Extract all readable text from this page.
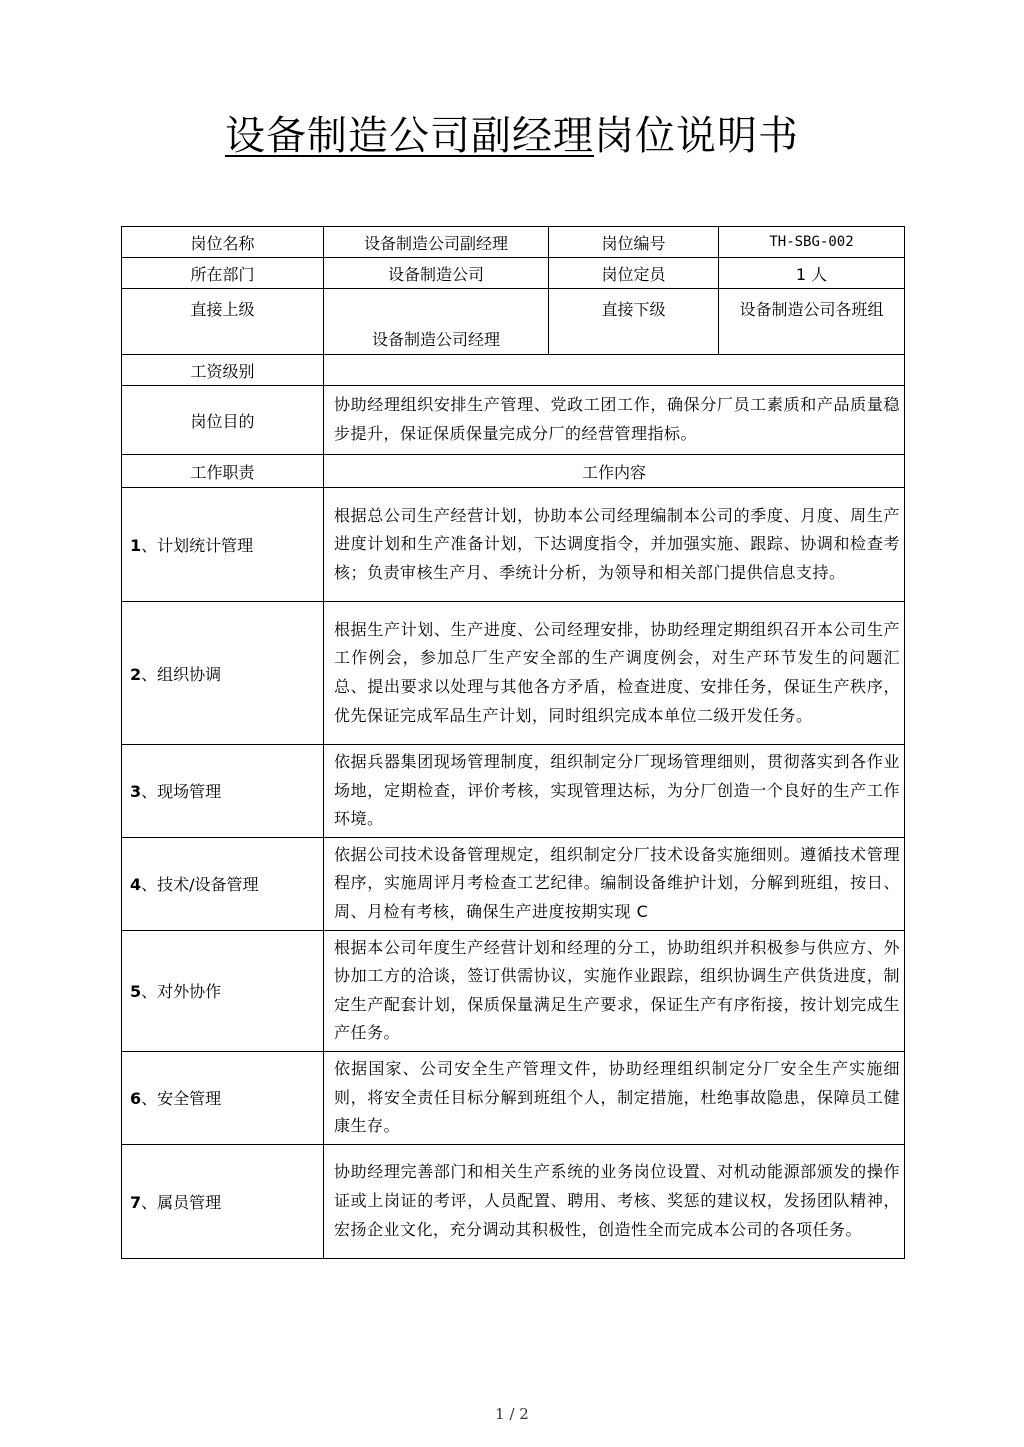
设备制造公司副经理岗位说明书
岗位名称	设备制造公司副经理	岗位编号	TH-SBG-002
所在部门	设备制造公司	岗位定员	1 人
直接上级	设备制造公司经理	直接下级	设备制造公司各班组
工资级别			
岗位目的	协助经理组织安排生产管理、党政工团工作，确保分厂员工素质和产品质量稳步提升，保证保质保量完成分厂的经营管理指标。		
工作职责	工作内容		
1、计划统计管理	根据总公司生产经营计划，协助本公司经理编制本公司的季度、月度、周生产进度计划和生产准备计划，下达调度指令，并加强实施、跟踪、协调和检查考核；负责审核生产月、季统计分析，为领导和相关部门提供信息支持。		
2、组织协调	根据生产计划、生产进度、公司经理安排，协助经理定期组织召开本公司生产工作例会，参加总厂生产安全部的生产调度例会，对生产环节发生的问题汇总、提出要求以处理与其他各方矛盾，检查进度、安排任务，保证生产秩序，优先保证完成军品生产计划，同时组织完成本单位二级开发任务。		
3、现场管理	依据兵器集团现场管理制度，组织制定分厂现场管理细则，贯彻落实到各作业场地，定期检查，评价考核，实现管理达标，为分厂创造一个良好的生产工作环境。		
4、技术/设备管理	依据公司技术设备管理规定，组织制定分厂技术设备实施细则。遵循技术管理程序，实施周评月考检查工艺纪律。编制设备维护计划，分解到班组，按日、周、月检有考核，确保生产进度按期实现 C		
5、对外协作	根据本公司年度生产经营计划和经理的分工，协助组织并积极参与供应方、外协加工方的洽谈，签订供需协议，实施作业跟踪，组织协调生产供货进度，制定生产配套计划，保质保量满足生产要求，保证生产有序衔接，按计划完成生产任务。		
6、安全管理	依据国家、公司安全生产管理文件，协助经理组织制定分厂安全生产实施细则，将安全责任目标分解到班组个人，制定措施，杜绝事故隐患，保障员工健康生存。		
7、属员管理	协助经理完善部门和相关生产系统的业务岗位设置、对机动能源部颁发的操作证或上岗证的考评，人员配置、聘用、考核、奖惩的建议权，发扬团队精神，宏扬企业文化，充分调动其积极性，创造性全而完成本公司的各项任务。		
1 / 2
